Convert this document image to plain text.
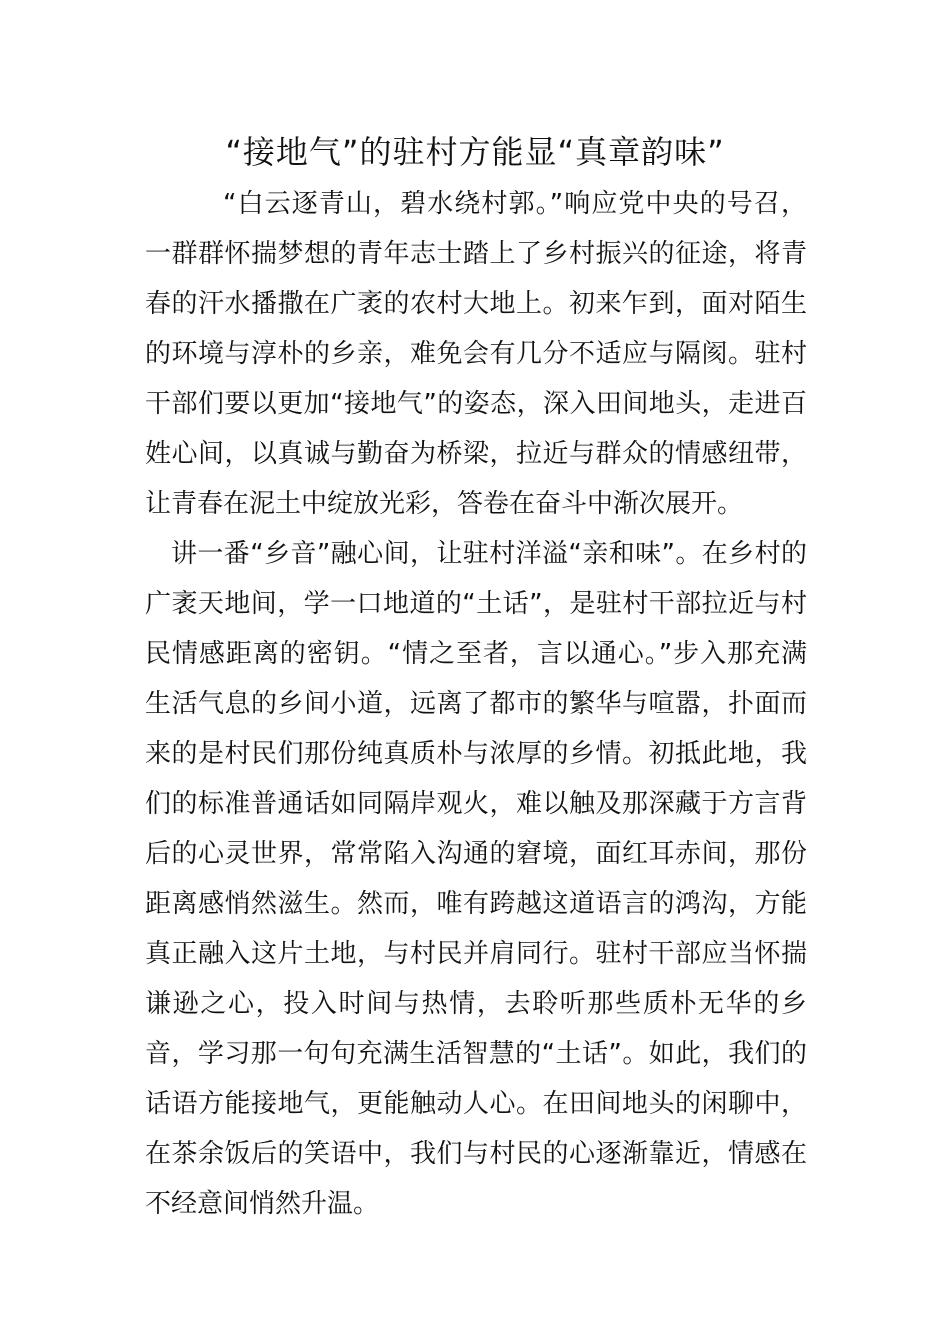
“接地气”的驻村方能显“真章韵味”

“白云逐青山，碧水绕村郭。”响应党中央的号召，一群群怀揣梦想的青年志士踏上了乡村振兴的征途，将青春的汗水播撒在广袤的农村大地上。初来乍到，面对陌生的环境与淳朴的乡亲，难免会有几分不适应与隔阂。驻村干部们要以更加“接地气”的姿态，深入田间地头，走进百姓心间，以真诚与勤奋为桥梁，拉近与群众的情感纽带，让青春在泥土中绽放光彩，答卷在奋斗中渐次展开。

讲一番“乡音”融心间，让驻村洋溢“亲和味”。在乡村的广袤天地间，学一口地道的“土话”，是驻村干部拉近与村民情感距离的密钥。“情之至者，言以通心。”步入那充满生活气息的乡间小道，远离了都市的繁华与喧嚣，扑面而来的是村民们那份纯真质朴与浓厚的乡情。初抵此地，我们的标准普通话如同隔岸观火，难以触及那深藏于方言背后的心灵世界，常常陷入沟通的窘境，面红耳赤间，那份距离感悄然滋生。然而，唯有跨越这道语言的鸿沟，方能真正融入这片土地，与村民并肩同行。驻村干部应当怀揣谦逊之心，投入时间与热情，去聆听那些质朴无华的乡音，学习那一句句充满生活智慧的“土话”。如此，我们的话语方能接地气，更能触动人心。在田间地头的闲聊中，在茶余饭后的笑语中，我们与村民的心逐渐靠近，情感在不经意间悄然升温。
